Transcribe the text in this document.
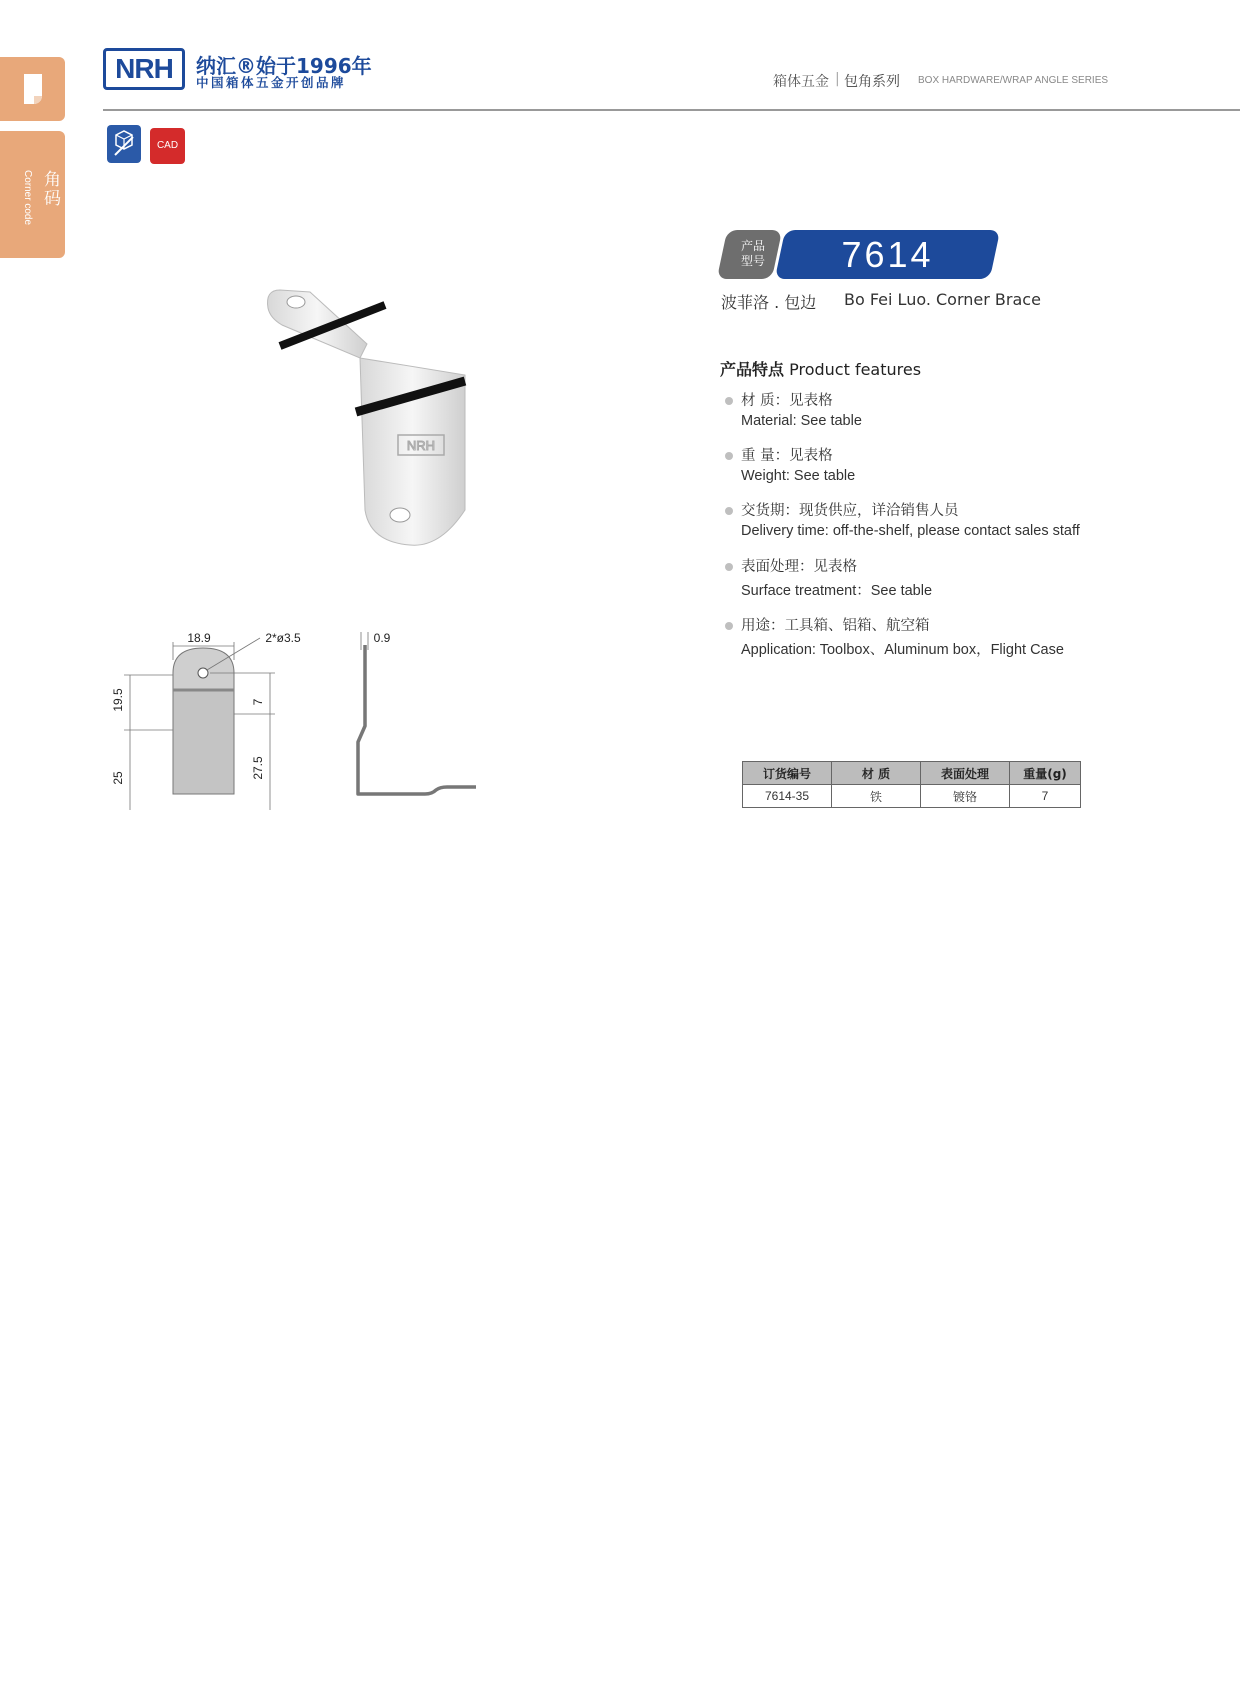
角码
Corner code
NRH	纳汇®始于1996年
中国箱体五金开创品牌	箱体五金 | 包角系列 BOX HARDWARE/WRAP ANGLE SERIES
CAD
NRH
18.9	2*ø3.5
19.5
25
7
27.5
0.9
产品
型号	7614
波菲洛 . 包边 Bo Fei Luo. Corner Brace
产品特点 Product features
材 质：见表格
Material: See table
重 量：见表格
Weight: See table
交货期：现货供应，详洽销售人员
Delivery time: off-the-shelf, please contact sales staff
表面处理：见表格
Surface treatment：See table
用途：工具箱、铝箱、航空箱
Application: Toolbox、Aluminum box，Flight Case
订货编号	材 质	表面处理	重量(g)
7614-35	铁	镀铬	7
